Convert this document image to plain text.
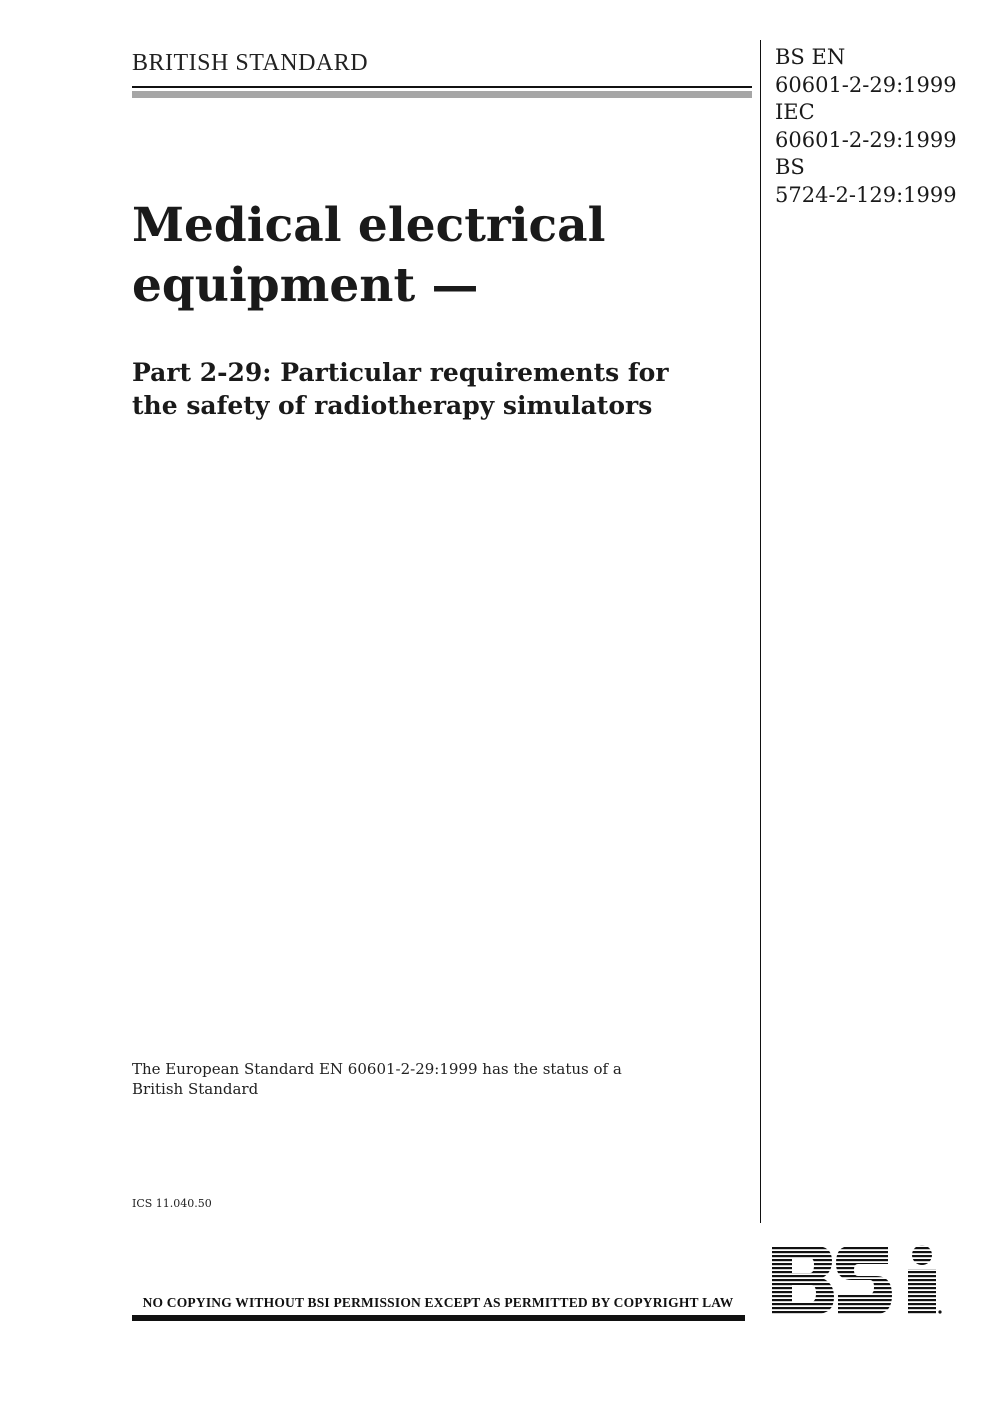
BRITISH STANDARD	BS EN
60601-2-29:1999
IEC
60601-2-29:1999
BS
5724-2-129:1999
Medical electrical
equipment —
Part 2-29: Particular requirements for
the safety of radiotherapy simulators
The European Standard EN 60601-2-29:1999 has the status of a
British Standard
ICS 11.040.50
NO COPYING WITHOUT BSI PERMISSION EXCEPT AS PERMITTED BY COPYRIGHT LAW
